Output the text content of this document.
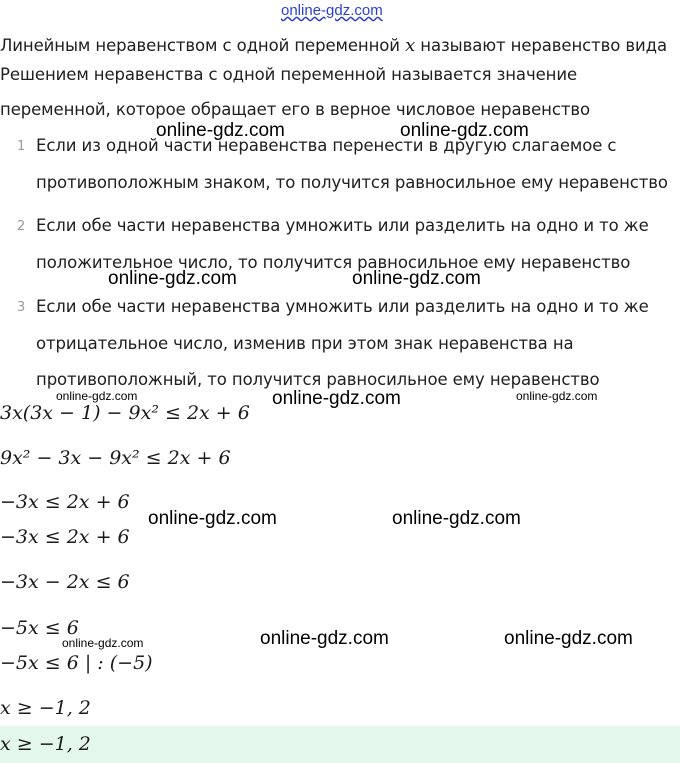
online-gdz.com
Линейным неравенством с одной переменной x называют неравенство вида
Решением неравенства с одной переменной называется значение
переменной, которое обращает его в верное числовое неравенство
1 Если из одной части неравенства перенести в другую слагаемое с
противоположным знаком, то получится равносильное ему неравенство
2 Если обе части неравенства умножить или разделить на одно и то же
положительное число, то получится равносильное ему неравенство
3 Если обе части неравенства умножить или разделить на одно и то же
отрицательное число, изменив при этом знак неравенства на
противоположный, то получится равносильное ему неравенство
3x(3x − 1) − 9x² ≤ 2x + 6
9x² − 3x − 9x² ≤ 2x + 6
−3x ≤ 2x + 6
−3x ≤ 2x + 6
−3x − 2x ≤ 6
−5x ≤ 6
−5x ≤ 6 | : (−5)
x ≥ −1, 2
x ≥ −1, 2
online-gdz.com	online-gdz.com
online-gdz.com	online-gdz.com
online-gdz.com	online-gdz.com	online-gdz.com
online-gdz.com	online-gdz.com
online-gdz.com	online-gdz.com	online-gdz.com
